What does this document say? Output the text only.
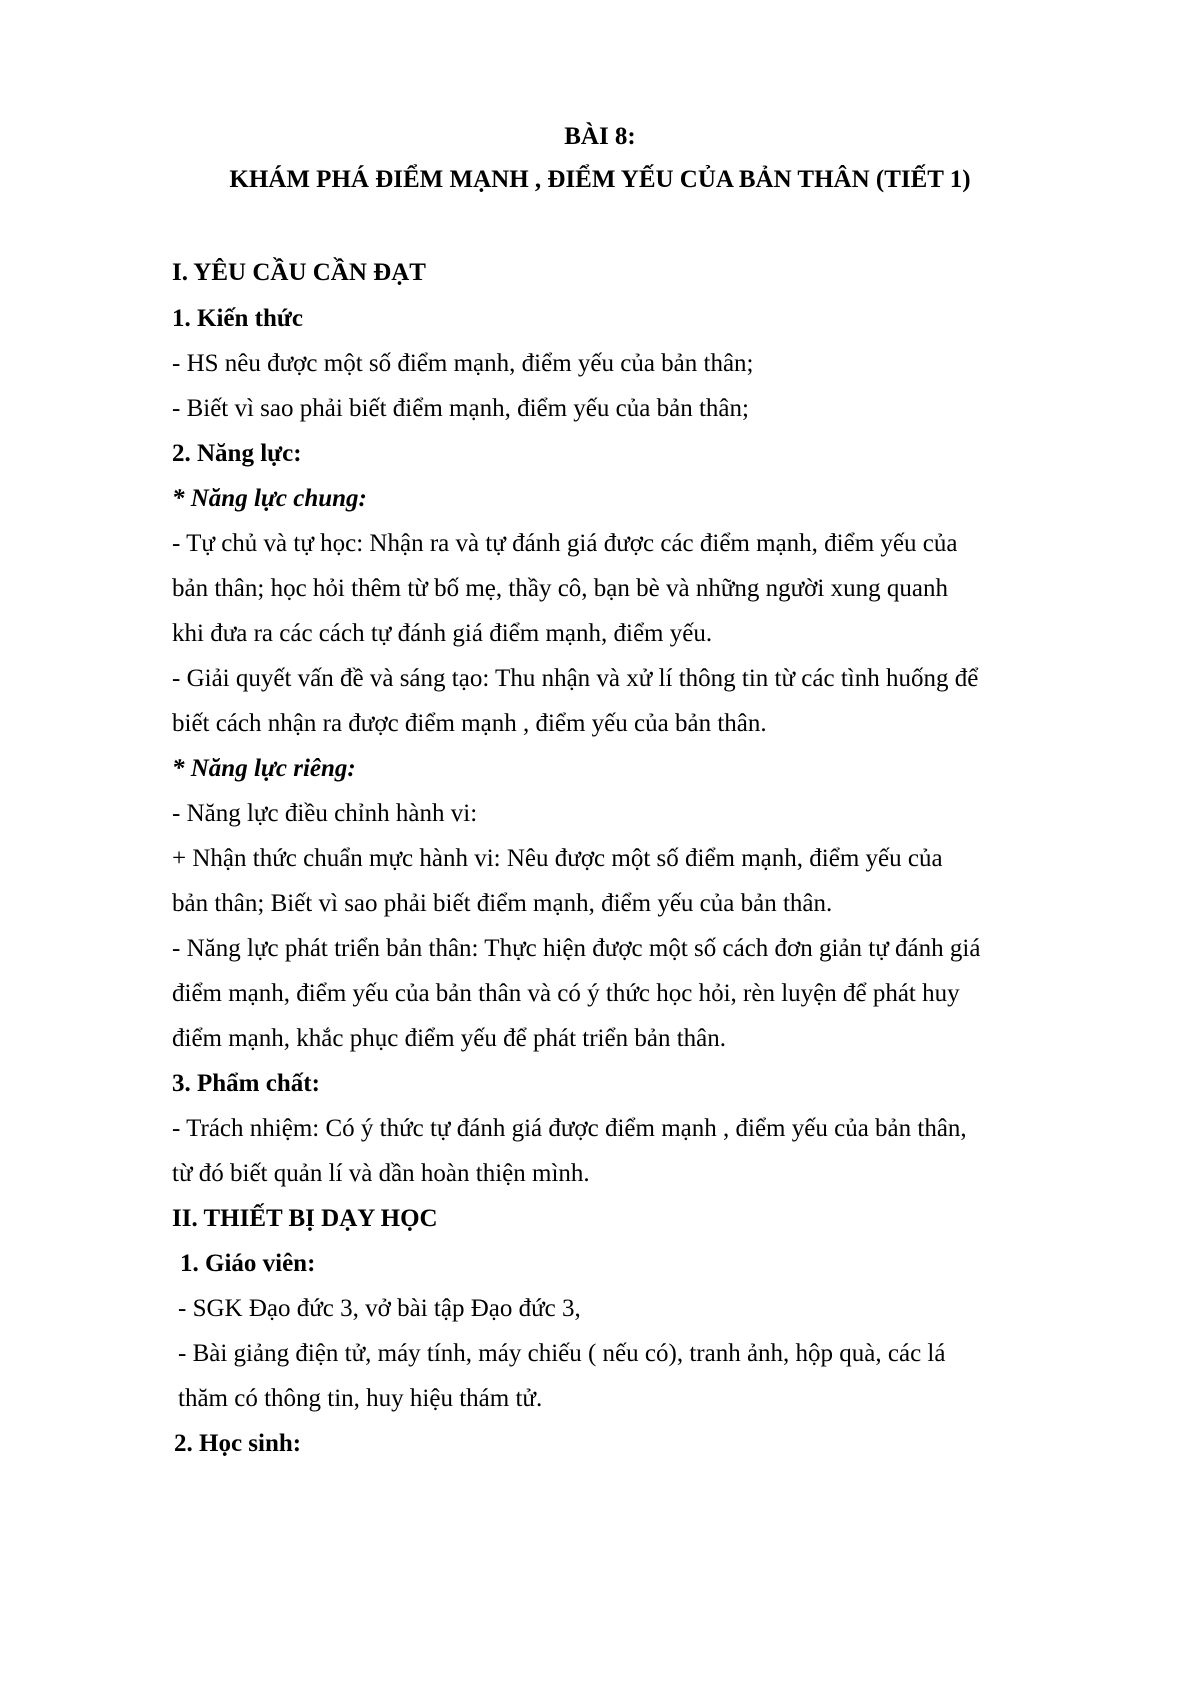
BÀI 8:
KHÁM PHÁ ĐIỂM MẠNH , ĐIỂM YẾU CỦA BẢN THÂN (TIẾT 1)
I. YÊU CẦU CẦN ĐẠT
1. Kiến thức
- HS nêu được một số điểm mạnh, điểm yếu của bản thân;
- Biết vì sao phải biết điểm mạnh, điểm yếu của bản thân;
2. Năng lực:
* Năng lực chung:
- Tự chủ và tự học: Nhận ra và tự đánh giá được các điểm mạnh, điểm yếu của
bản thân; học hỏi thêm từ bố mẹ, thầy cô, bạn bè và những người xung quanh
khi đưa ra các cách tự đánh giá điểm mạnh, điểm yếu.
- Giải quyết vấn đề và sáng tạo: Thu nhận và xử lí thông tin từ các tình huống để
biết cách nhận ra được điểm mạnh , điểm yếu của bản thân.
* Năng lực riêng:
- Năng lực điều chỉnh hành vi:
+ Nhận thức chuẩn mực hành vi: Nêu được một số điểm mạnh, điểm yếu của
bản thân; Biết vì sao phải biết điểm mạnh, điểm yếu của bản thân.
- Năng lực phát triển bản thân: Thực hiện được một số cách đơn giản tự đánh giá
điểm mạnh, điểm yếu của bản thân và có ý thức học hỏi, rèn luyện để phát huy
điểm mạnh, khắc phục điểm yếu để phát triển bản thân.
3. Phẩm chất:
- Trách nhiệm: Có ý thức tự đánh giá được điểm mạnh , điểm yếu của bản thân,
từ đó biết quản lí và dần hoàn thiện mình.
II. THIẾT BỊ DẠY HỌC
1. Giáo viên:
- SGK Đạo đức 3, vở bài tập Đạo đức 3,
- Bài giảng điện tử, máy tính, máy chiếu ( nếu có), tranh ảnh, hộp quà, các lá
thăm có thông tin, huy hiệu thám tử.
2. Học sinh:
